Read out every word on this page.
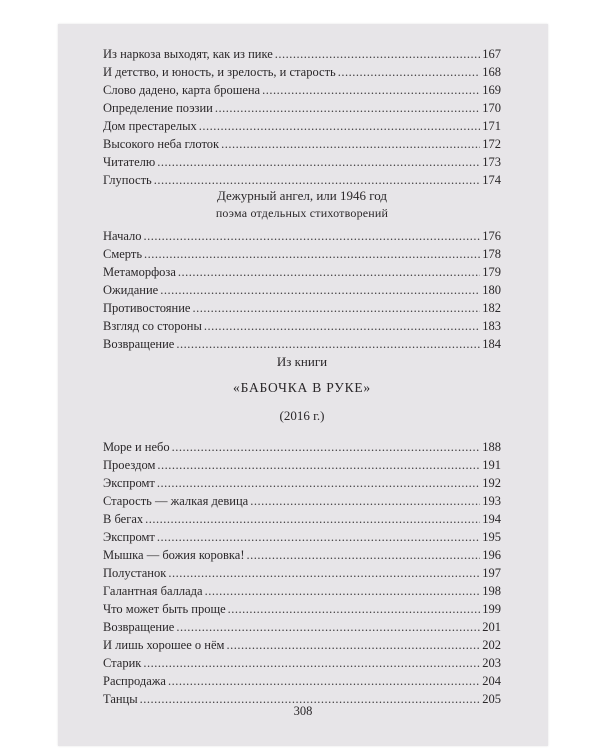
Из наркоза выходят, как из пике .....	167
И детство, и юность, и зрелость, и старость .....	168
Слово дадено, карта брошена .....	169
Определение поэзии .....	170
Дом престарелых .....	171
Высокого неба глоток .....	172
Читателю .....	173
Глупость .....	174
Дежурный ангел, или 1946 год
поэма отдельных стихотворений
Начало .....	176
Смерть .....	178
Метаморфоза .....	179
Ожидание .....	180
Противостояние .....	182
Взгляд со стороны .....	183
Возвращение .....	184
Из книги
«БАБОЧКА В РУКЕ»
(2016 г.)
Море и небо .....	188
Проездом .....	191
Экспромт .....	192
Старость — жалкая девица .....	193
В бегах .....	194
Экспромт .....	195
Мышка — божия коровка! .....	196
Полустанок .....	197
Галантная баллада .....	198
Что может быть проще .....	199
Возвращение .....	201
И лишь хорошее о нём .....	202
Старик .....	203
Распродажа .....	204
Танцы .....	205
308
